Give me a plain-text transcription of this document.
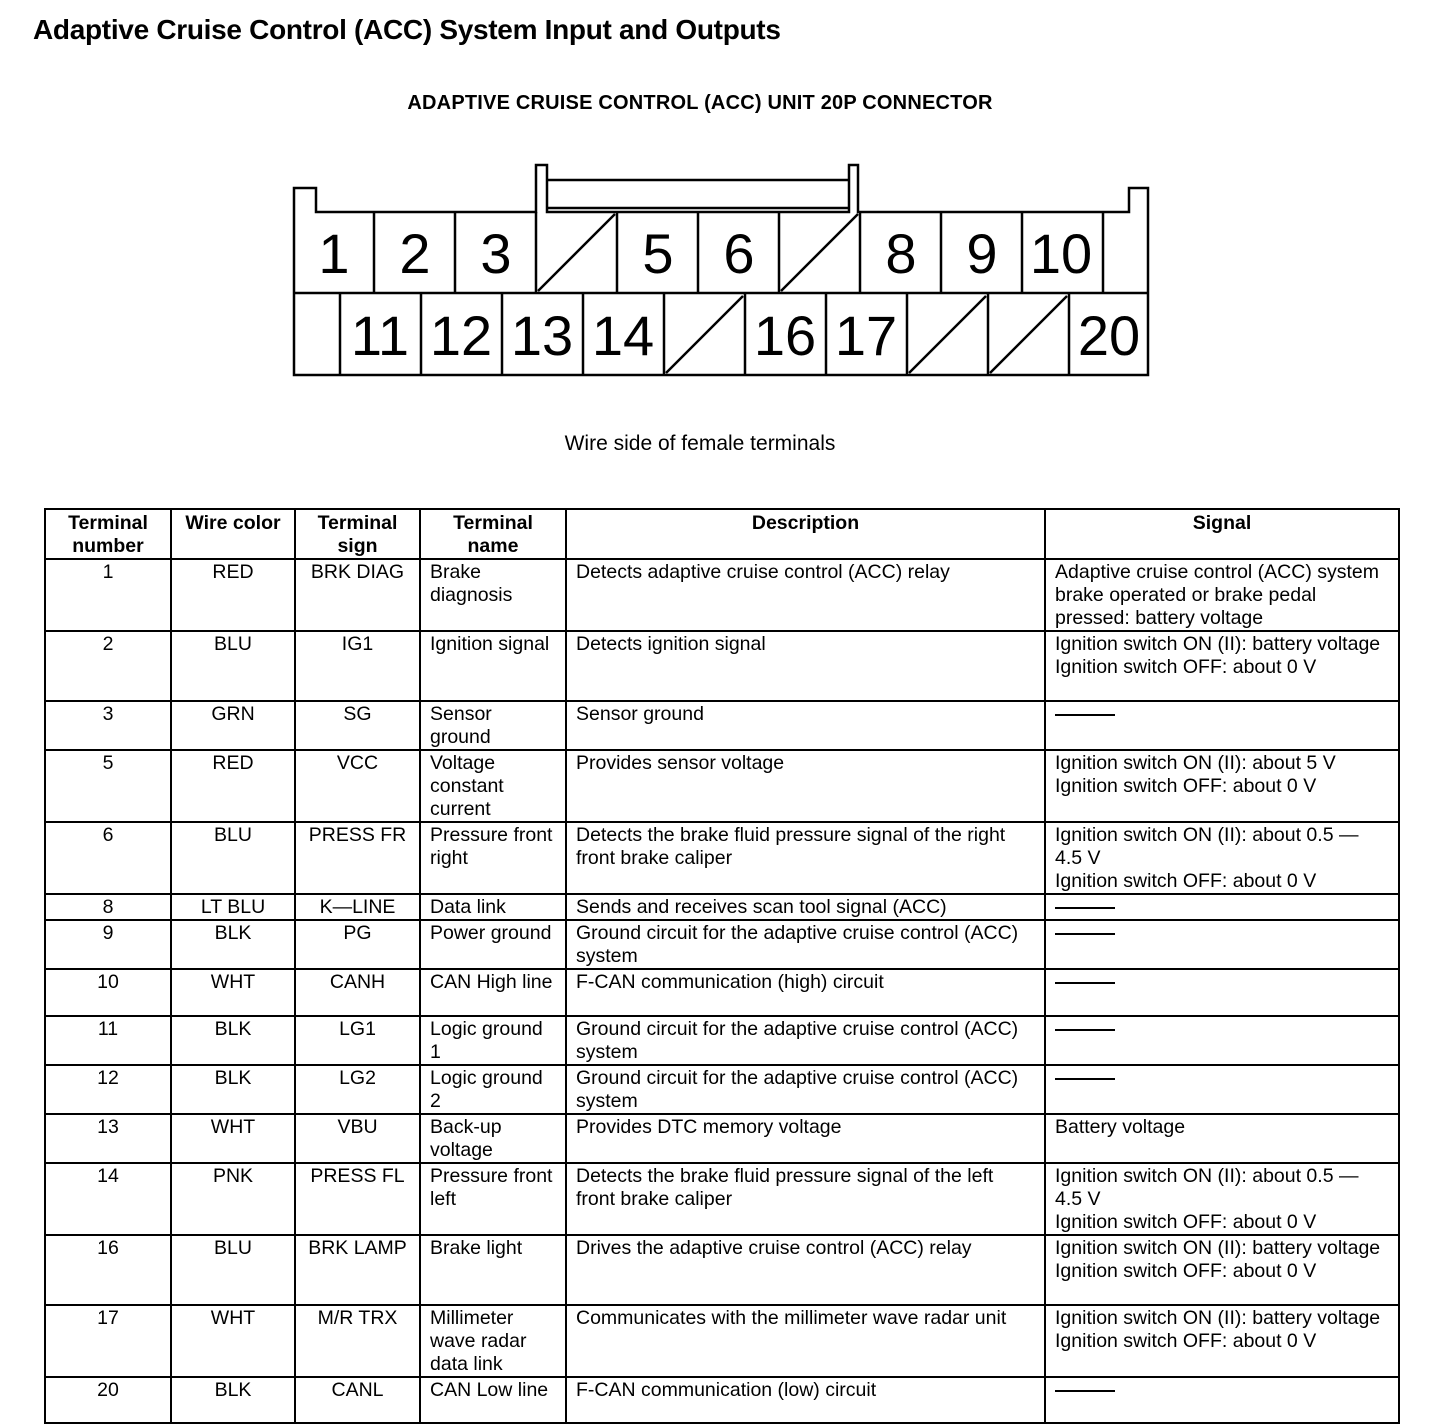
Adaptive Cruise Control (ACC) System Input and Outputs
ADAPTIVE CRUISE CONTROL (ACC) UNIT 20P CONNECTOR
1 2 3 5 6 8 9 10
11 12 13 14 16 17	20
Wire side of female terminals
Terminal number	Wire color	Terminal sign	Terminal name	Description	Signal
1	RED	BRK DIAG	Brake diagnosis	Detects adaptive cruise control (ACC) relay	Adaptive cruise control (ACC) system brake operated or brake pedal pressed: battery voltage
2	BLU	IG1	Ignition signal	Detects ignition signal	Ignition switch ON (II): battery voltage
Ignition switch OFF: about 0 V
3	GRN	SG	Sensor ground	Sensor ground	
5	RED	VCC	Voltage constant current	Provides sensor voltage	Ignition switch ON (II): about 5 V
Ignition switch OFF: about 0 V
6	BLU	PRESS FR	Pressure front right	Detects the brake fluid pressure signal of the right front brake caliper	Ignition switch ON (II): about 0.5 — 4.5 V
Ignition switch OFF: about 0 V
8	LT BLU	K—LINE	Data link	Sends and receives scan tool signal (ACC)	
9	BLK	PG	Power ground	Ground circuit for the adaptive cruise control (ACC) system	
10	WHT	CANH	CAN High line	F-CAN communication (high) circuit	
11	BLK	LG1	Logic ground 1	Ground circuit for the adaptive cruise control (ACC) system	
12	BLK	LG2	Logic ground 2	Ground circuit for the adaptive cruise control (ACC) system	
13	WHT	VBU	Back-up voltage	Provides DTC memory voltage	Battery voltage
14	PNK	PRESS FL	Pressure front left	Detects the brake fluid pressure signal of the left front brake caliper	Ignition switch ON (II): about 0.5 — 4.5 V
Ignition switch OFF: about 0 V
16	BLU	BRK LAMP	Brake light	Drives the adaptive cruise control (ACC) relay	Ignition switch ON (II): battery voltage
Ignition switch OFF: about 0 V
17	WHT	M/R TRX	Millimeter wave radar data link	Communicates with the millimeter wave radar unit	Ignition switch ON (II): battery voltage
Ignition switch OFF: about 0 V
20	BLK	CANL	CAN Low line	F-CAN communication (low) circuit	
